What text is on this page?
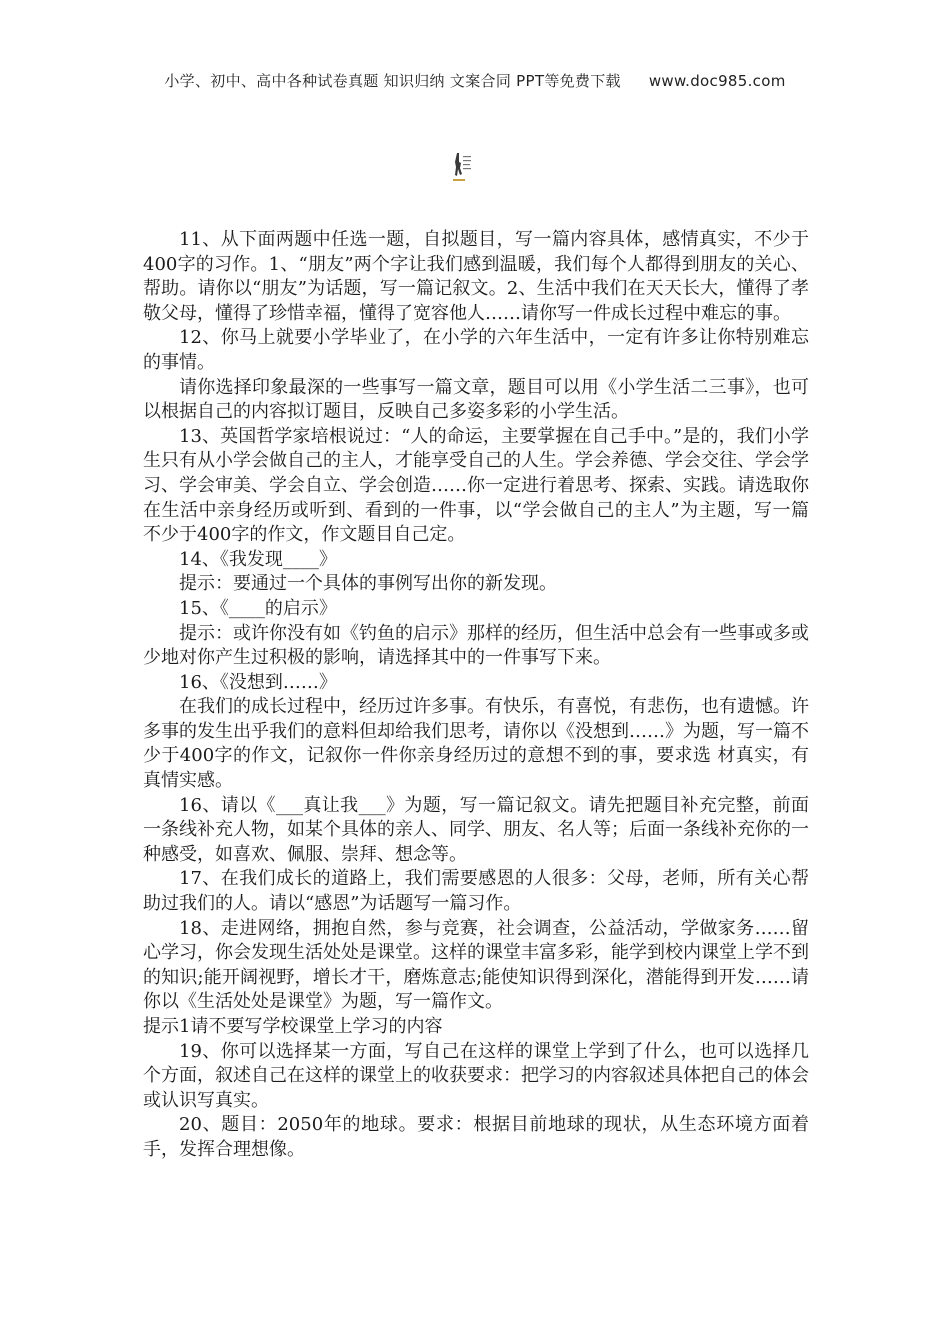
小学、初中、高中各种试卷真题 知识归纳 文案合同 PPT等免费下载 www.doc985.com

11、从下面两题中任选一题，自拟题目，写一篇内容具体，感情真实，不少于400字的习作。1、“朋友”两个字让我们感到温暖，我们每个人都得到朋友的关心、帮助。请你以“朋友”为话题，写一篇记叙文。2、生活中我们在天天长大，懂得了孝敬父母，懂得了珍惜幸福，懂得了宽容他人……请你写一件成长过程中难忘的事。

12、你马上就要小学毕业了，在小学的六年生活中，一定有许多让你特别难忘的事情。

请你选择印象最深的一些事写一篇文章，题目可以用《小学生活二三事》，也可以根据自己的内容拟订题目，反映自己多姿多彩的小学生活。

13、英国哲学家培根说过：“人的命运，主要掌握在自己手中。”是的，我们小学生只有从小学会做自己的主人，才能享受自己的人生。学会养德、学会交往、学会学习、学会审美、学会自立、学会创造……你一定进行着思考、探索、实践。请选取你在生活中亲身经历或听到、看到的一件事，以“学会做自己的主人”为主题，写一篇不少于400字的作文，作文题目自己定。

14、《我发现____》

提示：要通过一个具体的事例写出你的新发现。

15、《____的启示》

提示：或许你没有如《钓鱼的启示》那样的经历，但生活中总会有一些事或多或少地对你产生过积极的影响，请选择其中的一件事写下来。

16、《没想到……》

在我们的成长过程中，经历过许多事。有快乐，有喜悦，有悲伤，也有遗憾。许多事的发生出乎我们的意料但却给我们思考，请你以《没想到……》为题，写一篇不少于400字的作文，记叙你一件你亲身经历过的意想不到的事，要求选 材真实，有真情实感。

16、请以《___真让我___》为题，写一篇记叙文。请先把题目补充完整，前面一条线补充人物，如某个具体的亲人、同学、朋友、名人等；后面一条线补充你的一种感受，如喜欢、佩服、崇拜、想念等。

17、在我们成长的道路上，我们需要感恩的人很多：父母，老师，所有关心帮助过我们的人。请以“感恩”为话题写一篇习作。

18、走进网络，拥抱自然，参与竞赛，社会调查，公益活动，学做家务……留心学习，你会发现生活处处是课堂。这样的课堂丰富多彩，能学到校内课堂上学不到的知识;能开阔视野，增长才干，磨炼意志;能使知识得到深化，潜能得到开发……请你以《生活处处是课堂》为题，写一篇作文。

提示1请不要写学校课堂上学习的内容

19、你可以选择某一方面，写自己在这样的课堂上学到了什么，也可以选择几个方面，叙述自己在这样的课堂上的收获要求：把学习的内容叙述具体把自己的体会或认识写真实。

20、题目：2050年的地球。要求：根据目前地球的现状，从生态环境方面着手，发挥合理想像。
